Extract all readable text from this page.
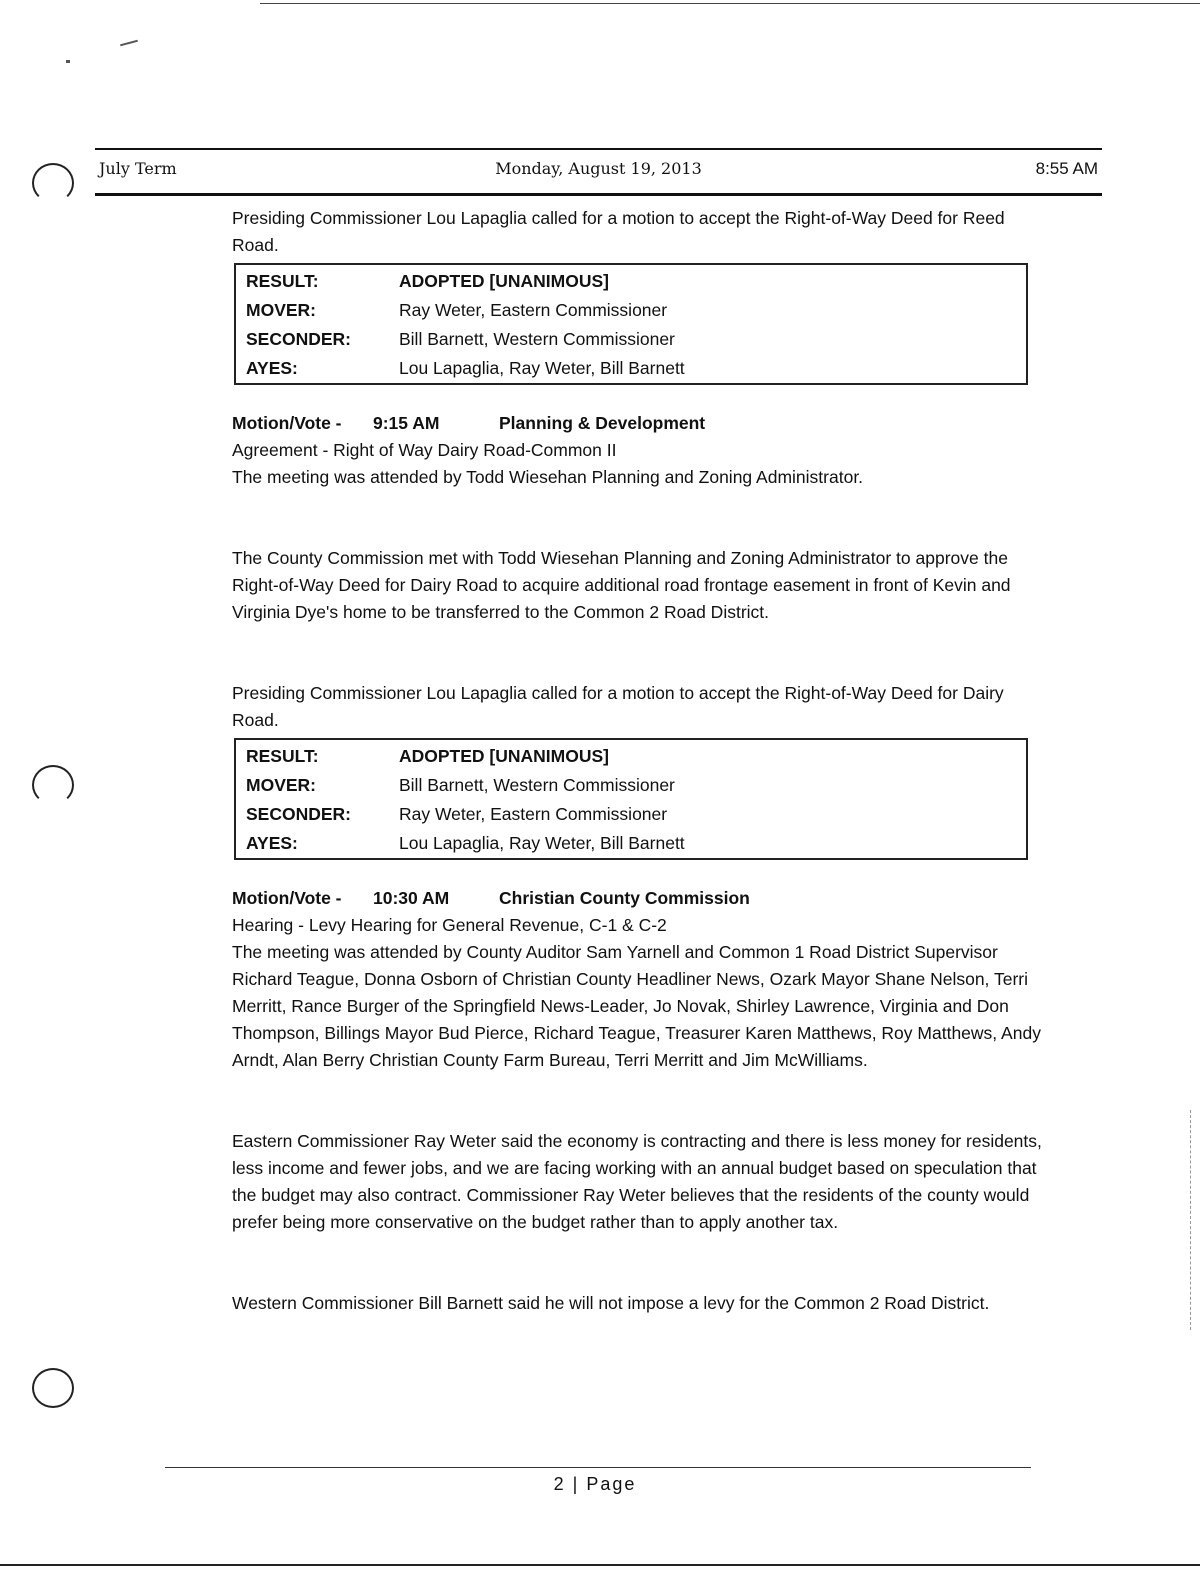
July Term	Monday, August 19, 2013	8:55 AM

Presiding Commissioner Lou Lapaglia called for a motion to accept the Right-of-Way Deed for Reed Road.

RESULT:	ADOPTED [UNANIMOUS]
MOVER:	Ray Weter, Eastern Commissioner
SECONDER:	Bill Barnett, Western Commissioner
AYES:	Lou Lapaglia, Ray Weter, Bill Barnett
Motion/Vote -	9:15 AM	Planning & Development

Agreement - Right of Way Dairy Road-Common II

The meeting was attended by Todd Wiesehan Planning and Zoning Administrator.

The County Commission met with Todd Wiesehan Planning and Zoning Administrator to approve the Right-of-Way Deed for Dairy Road to acquire additional road frontage easement in front of Kevin and Virginia Dye's home to be transferred to the Common 2 Road District.

Presiding Commissioner Lou Lapaglia called for a motion to accept the Right-of-Way Deed for Dairy Road.

RESULT:	ADOPTED [UNANIMOUS]
MOVER:	Bill Barnett, Western Commissioner
SECONDER:	Ray Weter, Eastern Commissioner
AYES:	Lou Lapaglia, Ray Weter, Bill Barnett
Motion/Vote -	10:30 AM	Christian County Commission

Hearing - Levy Hearing for General Revenue, C-1 & C-2

The meeting was attended by County Auditor Sam Yarnell and Common 1 Road District Supervisor Richard Teague, Donna Osborn of Christian County Headliner News, Ozark Mayor Shane Nelson, Terri Merritt, Rance Burger of the Springfield News-Leader, Jo Novak, Shirley Lawrence, Virginia and Don Thompson, Billings Mayor Bud Pierce, Richard Teague, Treasurer Karen Matthews, Roy Matthews, Andy Arndt, Alan Berry Christian County Farm Bureau, Terri Merritt and Jim McWilliams.

Eastern Commissioner Ray Weter said the economy is contracting and there is less money for residents, less income and fewer jobs, and we are facing working with an annual budget based on speculation that the budget may also contract. Commissioner Ray Weter believes that the residents of the county would prefer being more conservative on the budget rather than to apply another tax.

Western Commissioner Bill Barnett said he will not impose a levy for the Common 2 Road District.

2 | Page
